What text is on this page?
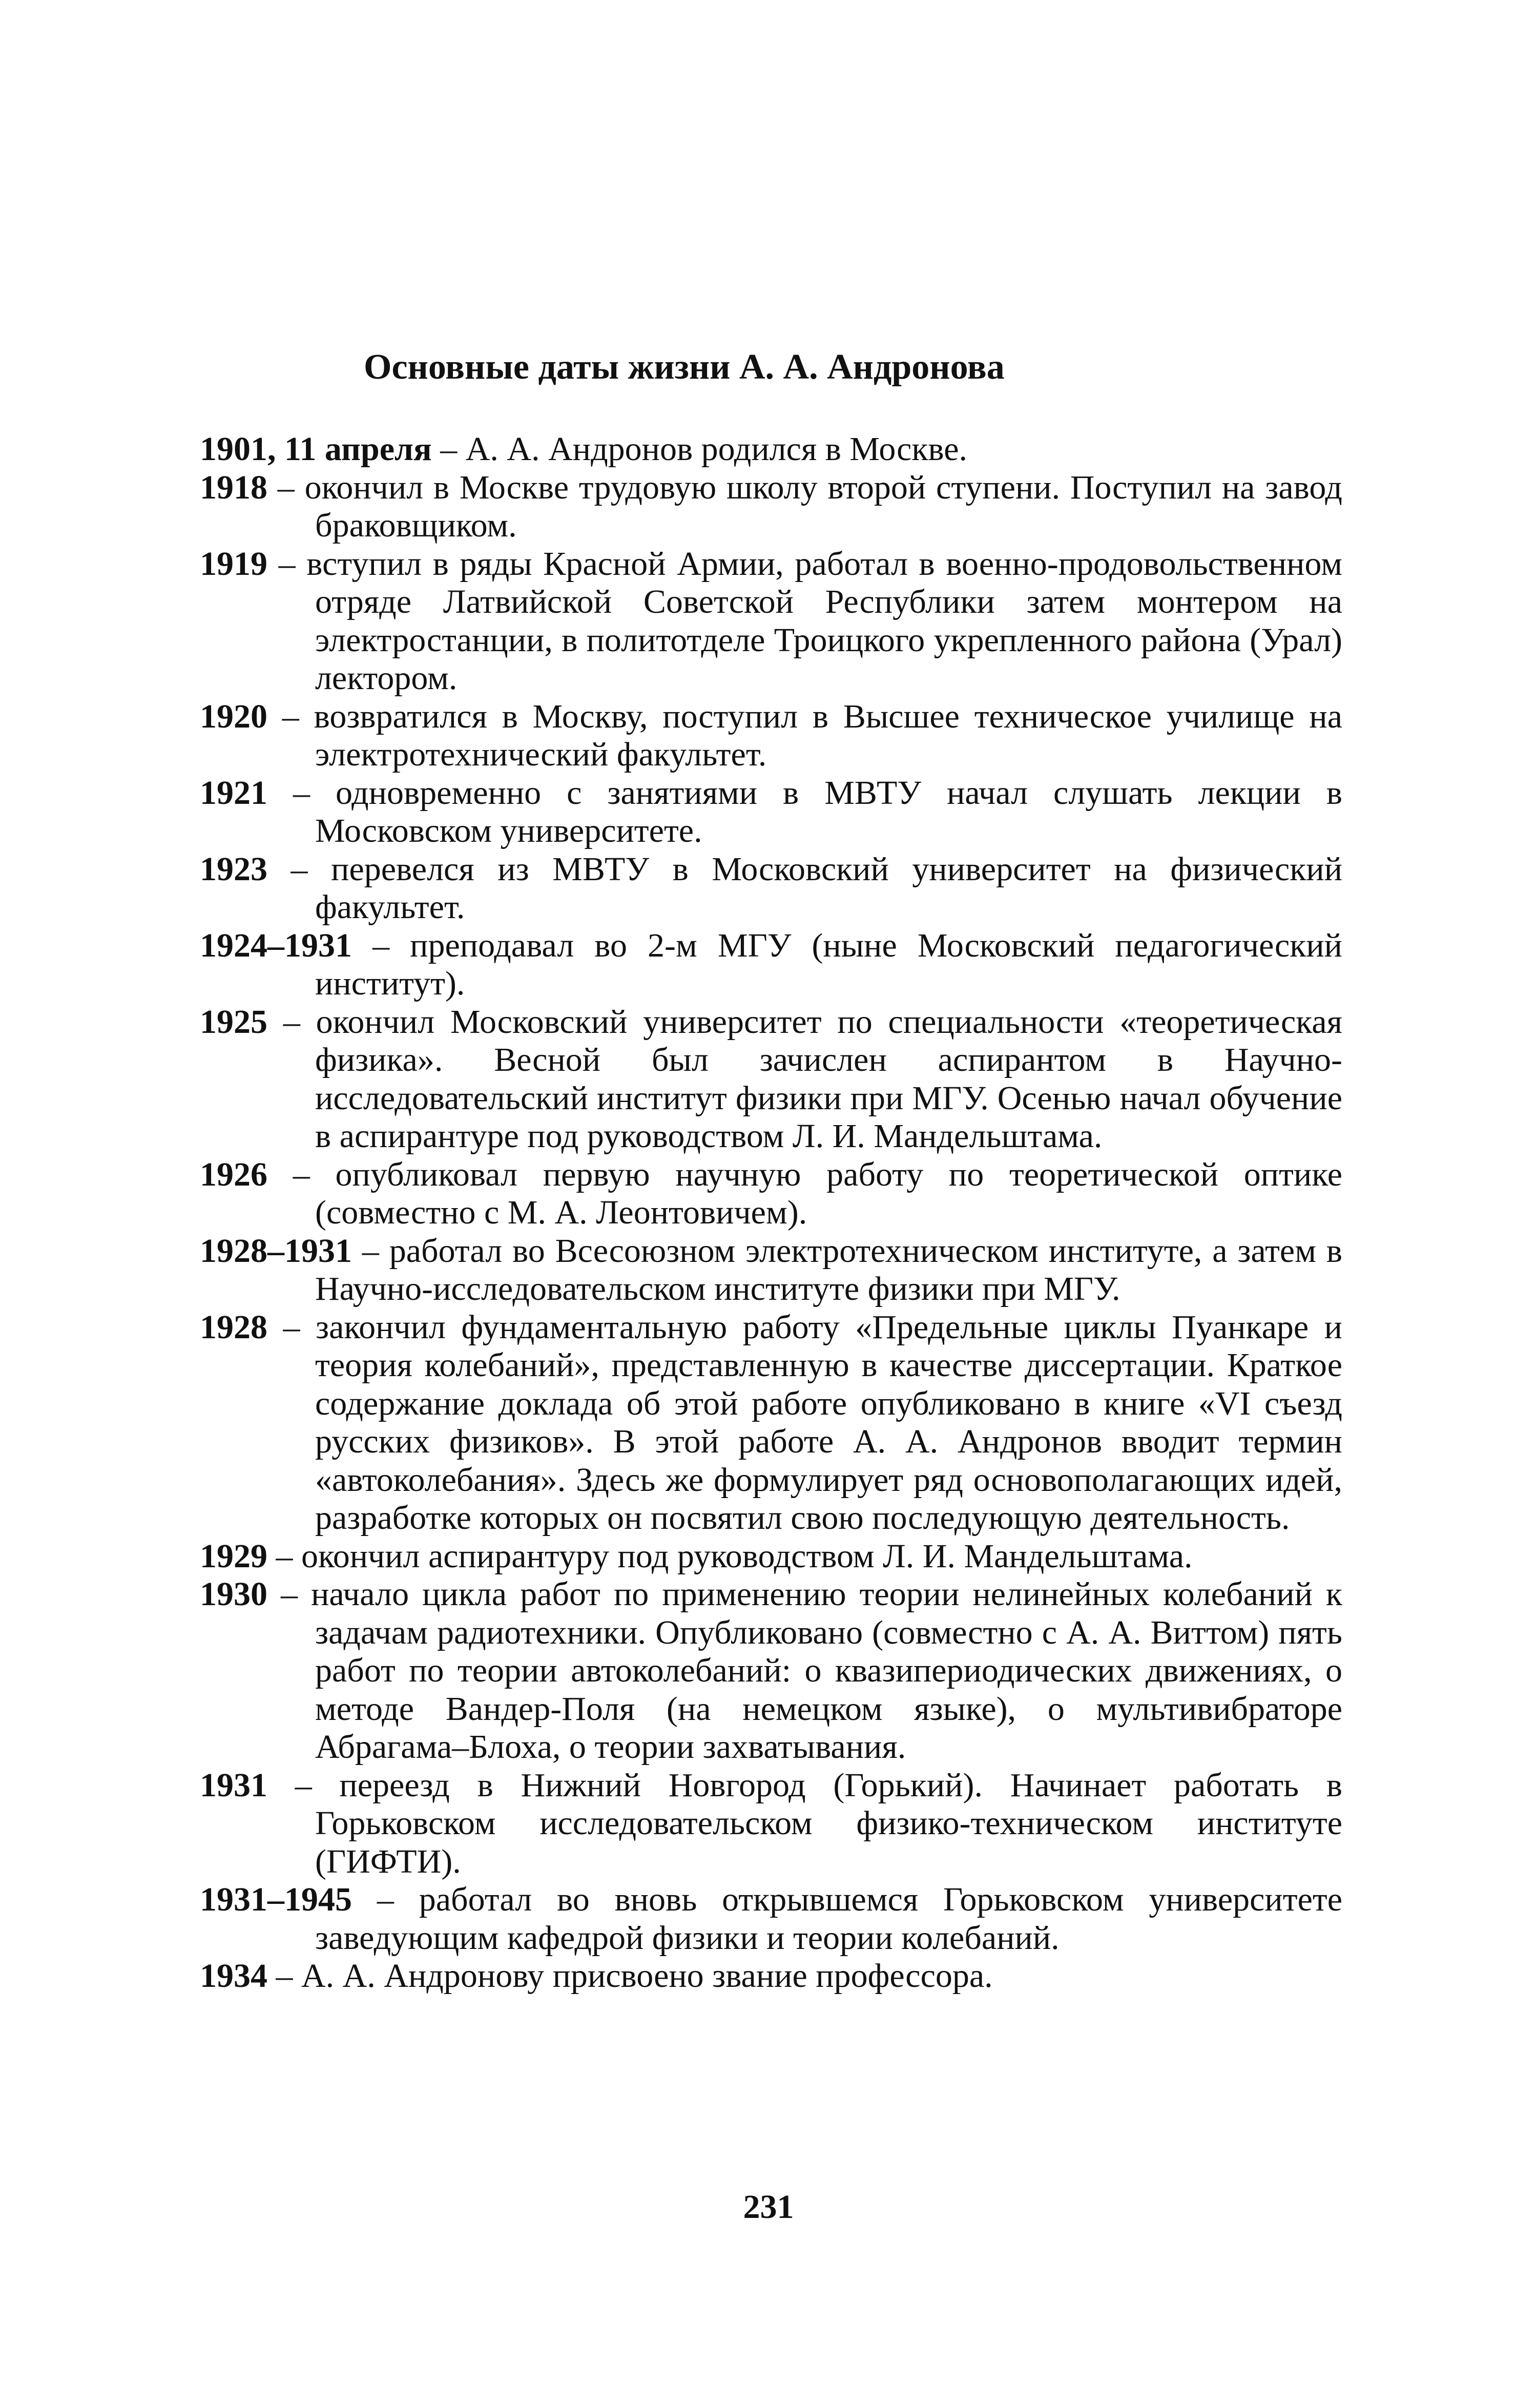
Основные даты жизни А. А. Андронова

1901, 11 апреля – А. А. Андронов родился в Москве.

1918 – окончил в Москве трудовую школу второй ступени. Поступил на завод браковщиком.

1919 – вступил в ряды Красной Армии, работал в военно-продовольственном отряде Латвийской Советской Республики затем монтером на электростанции, в политотделе Троицкого укрепленного района (Урал) лектором.

1920 – возвратился в Москву, поступил в Высшее техническое училище на электротехнический факультет.

1921 – одновременно с занятиями в МВТУ начал слушать лекции в Московском университете.

1923 – перевелся из МВТУ в Московский университет на физический факультет.

1924–1931 – преподавал во 2-м МГУ (ныне Московский педагогический институт).

1925 – окончил Московский университет по специальности «теоретическая физика». Весной был зачислен аспирантом в Научно-исследовательский институт физики при МГУ. Осенью начал обучение в аспирантуре под руководством Л. И. Мандельштама.

1926 – опубликовал первую научную работу по теоретической оптике (совместно с М. А. Леонтовичем).

1928–1931 – работал во Всесоюзном электротехническом институте, а затем в Научно-исследовательском институте физики при МГУ.

1928 – закончил фундаментальную работу «Предельные циклы Пуанкаре и теория колебаний», представленную в качестве диссертации. Краткое содержание доклада об этой работе опубликовано в книге «VI съезд русских физиков». В этой работе А. А. Андронов вводит термин «автоколебания». Здесь же формулирует ряд основополагающих идей, разработке которых он посвятил свою последующую деятельность.

1929 – окончил аспирантуру под руководством Л. И. Мандельштама.

1930 – начало цикла работ по применению теории нелинейных колебаний к задачам радиотехники. Опубликовано (совместно с А. А. Виттом) пять работ по теории автоколебаний: о квазипериодических движениях, о методе Вандер-Поля (на немецком языке), о мультивибраторе Абрагама–Блоха, о теории захватывания.

1931 – переезд в Нижний Новгород (Горький). Начинает работать в Горьковском исследовательском физико-техническом институте (ГИФТИ).

1931–1945 – работал во вновь открывшемся Горьковском университете заведующим кафедрой физики и теории колебаний.

1934 – А. А. Андронову присвоено звание профессора.

231
